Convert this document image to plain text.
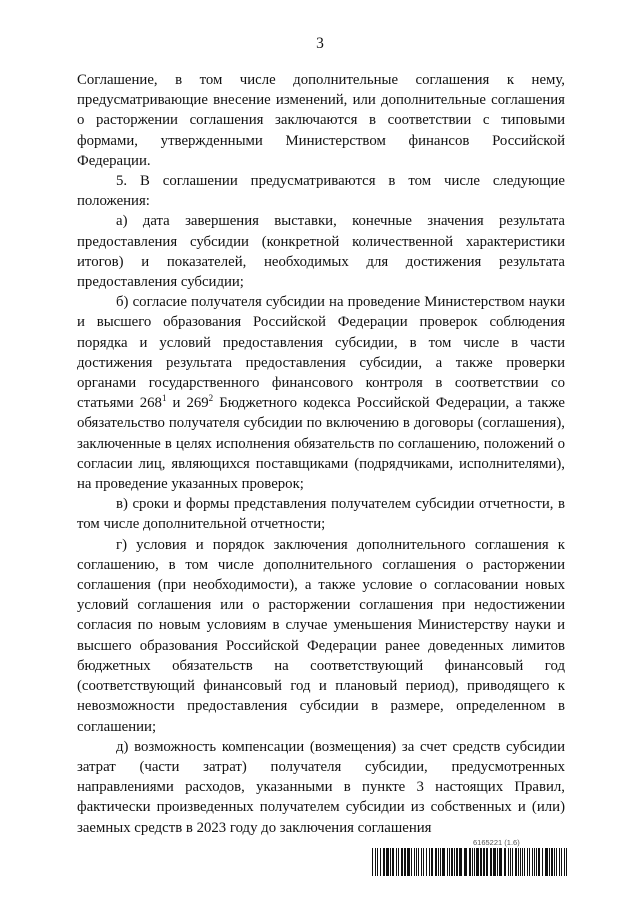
3

Соглашение, в том числе дополнительные соглашения к нему, предусматривающие внесение изменений, или дополнительные соглашения о расторжении соглашения заключаются в соответствии с типовыми формами, утвержденными Министерством финансов Российской Федерации.

5. В соглашении предусматриваются в том числе следующие положения:

а) дата завершения выставки, конечные значения результата предоставления субсидии (конкретной количественной характеристики итогов) и показателей, необходимых для достижения результата предоставления субсидии;

б) согласие получателя субсидии на проведение Министерством науки и высшего образования Российской Федерации проверок соблюдения порядка и условий предоставления субсидии, в том числе в части достижения результата предоставления субсидии, а также проверки органами государственного финансового контроля в соответствии со статьями $268^1$ и $269^2$ Бюджетного кодекса Российской Федерации, а также обязательство получателя субсидии по включению в договоры (соглашения), заключенные в целях исполнения обязательств по соглашению, положений о согласии лиц, являющихся поставщиками (подрядчиками, исполнителями), на проведение указанных проверок;

в) сроки и формы представления получателем субсидии отчетности, в том числе дополнительной отчетности;

г) условия и порядок заключения дополнительного соглашения к соглашению, в том числе дополнительного соглашения о расторжении соглашения (при необходимости), а также условие о согласовании новых условий соглашения или о расторжении соглашения при недостижении согласия по новым условиям в случае уменьшения Министерству науки и высшего образования Российской Федерации ранее доведенных лимитов бюджетных обязательств на соответствующий финансовый год (соответствующий финансовый год и плановый период), приводящего к невозможности предоставления субсидии в размере, определенном в соглашении;

д) возможность компенсации (возмещения) за счет средств субсидии затрат (части затрат) получателя субсидии, предусмотренных направлениями расходов, указанными в пункте 3 настоящих Правил, фактически произведенных получателем субсидии из собственных и (или) заемных средств в 2023 году до заключения соглашения

6165221 (1.6)
